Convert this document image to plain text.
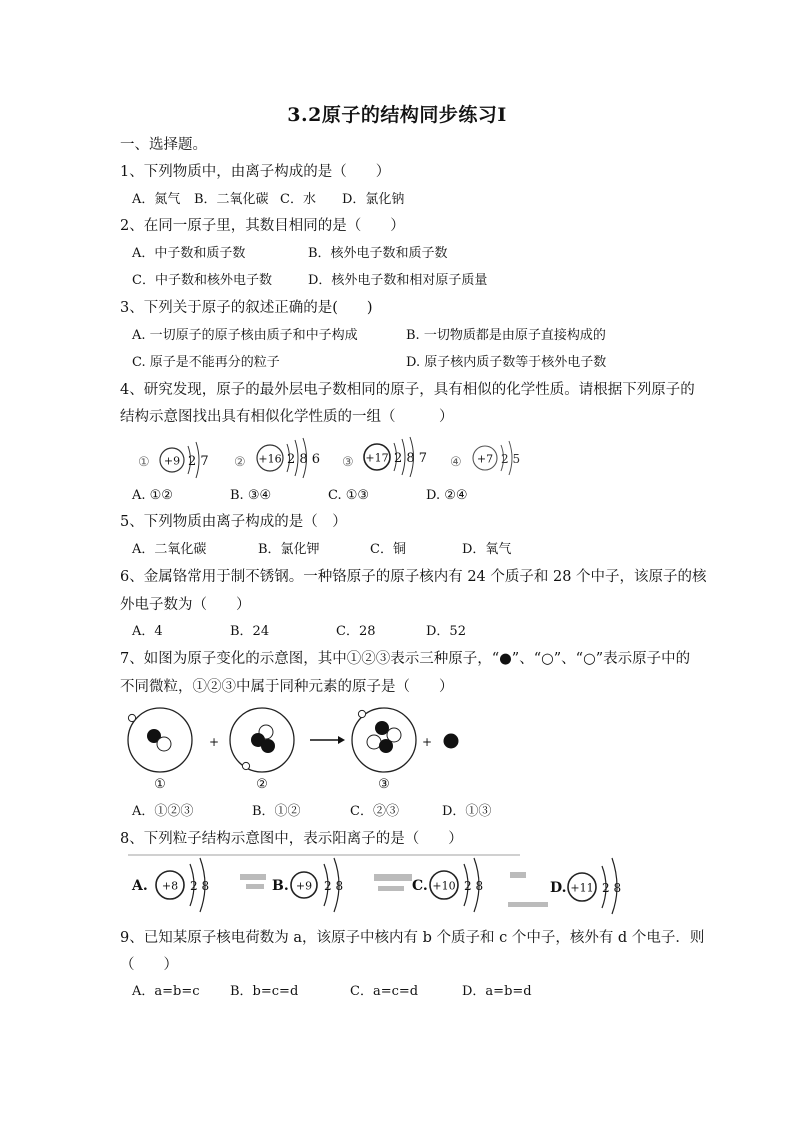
3.2原子的结构同步练习Ⅰ
一、选择题。
1、下列物质中，由离子构成的是（　　）
A．氮气 B．二氧化碳 C．水 D．氯化钠
2、在同一原子里，其数目相同的是（　　）
A．中子数和质子数	B．核外电子数和质子数
C．中子数和核外电子数	D．核外电子数和相对原子质量
3、下列关于原子的叙述正确的是(　　)
A. 一切原子的原子核由质子和中子构成	B. 一切物质都是由原子直接构成的
C. 原子是不能再分的粒子	D. 原子核内质子数等于核外电子数
4、研究发现，原子的最外层电子数相同的原子，具有相似的化学性质。请根据下列原子的
结构示意图找出具有相似化学性质的一组（　　　）
① +9 2 7 ② +16 2 8 6 ③ +17 2 8 7 ④ +7 2 5
A. ①②	B. ③④	C. ①③	D. ②④
5、下列物质由离子构成的是（　）
A．二氧化碳	B．氯化钾	C．铜	D．氧气
6、金属铬常用于制不锈钢。一种铬原子的原子核内有 24 个质子和 28 个中子，该原子的核
外电子数为（　　）
A．4	B．24	C．28	D．52
7、如图为原子变化的示意图，其中①②③表示三种原子，“●”、“○”、“○”表示原子中的
不同微粒，①②③中属于同种元素的原子是（　　）
①
+
②	③
+
A．①②③	B．①②	C．②③	D．①③
8、下列粒子结构示意图中，表示阳离子的是（　　）
A. +8 2 8	B. +9 2 8	C. +10 2 8	D. +11 2 8
9、已知某原子核电荷数为 a，该原子中核内有 b 个质子和 c 个中子，核外有 d 个电子．则
（　　）
A．a=b=c B．b=c=d	C．a=c=d	D．a=b=d
